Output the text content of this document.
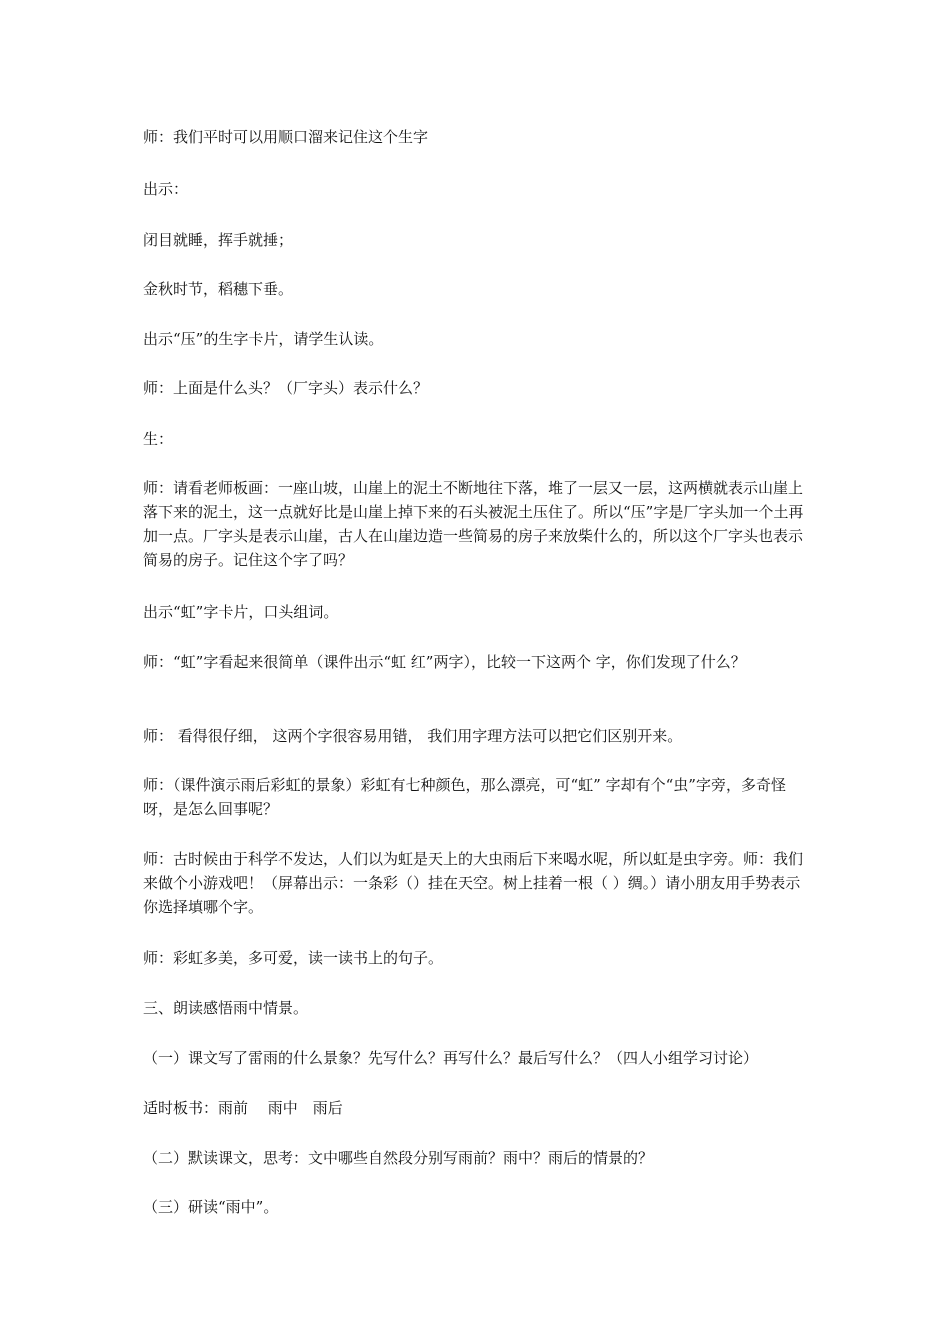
师：我们平时可以用顺口溜来记住这个生字
出示：
闭目就睡，挥手就捶；
金秋时节，稻穗下垂。
出示“压”的生字卡片，请学生认读。
师：上面是什么头？（厂字头）表示什么？
生：
师：请看老师板画：一座山坡，山崖上的泥土不断地往下落，堆了一层又一层，这两横就表示山崖上落下来的泥土，这一点就好比是山崖上掉下来的石头被泥土压住了。所以“压”字是厂字头加一个土再加一点。厂字头是表示山崖，古人在山崖边造一些简易的房子来放柴什么的，所以这个厂字头也表示简易的房子。记住这个字了吗？
出示“虹”字卡片，口头组词。
师：“虹”字看起来很简单（课件出示“虹 红”两字），比较一下这两个 字，你们发现了什么？
师： 看得很仔细， 这两个字很容易用错， 我们用字理方法可以把它们区别开来。
师：（课件演示雨后彩虹的景象）彩虹有七种颜色，那么漂亮，可“虹” 字却有个“虫”字旁，多奇怪呀，是怎么回事呢？
师：古时候由于科学不发达，人们以为虹是天上的大虫雨后下来喝水呢，所以虹是虫字旁。师：我们来做个小游戏吧！（屏幕出示：一条彩（）挂在天空。树上挂着一根（ ）绸。）请小朋友用手势表示你选择填哪个字。
师：彩虹多美，多可爱，读一读书上的句子。
三、朗读感悟雨中情景。
（一）课文写了雷雨的什么景象？先写什么？再写什么？最后写什么？（四人小组学习讨论）
适时板书：雨前　 雨中　雨后
（二）默读课文，思考：文中哪些自然段分别写雨前？雨中？雨后的情景的？
（三）研读“雨中”。
